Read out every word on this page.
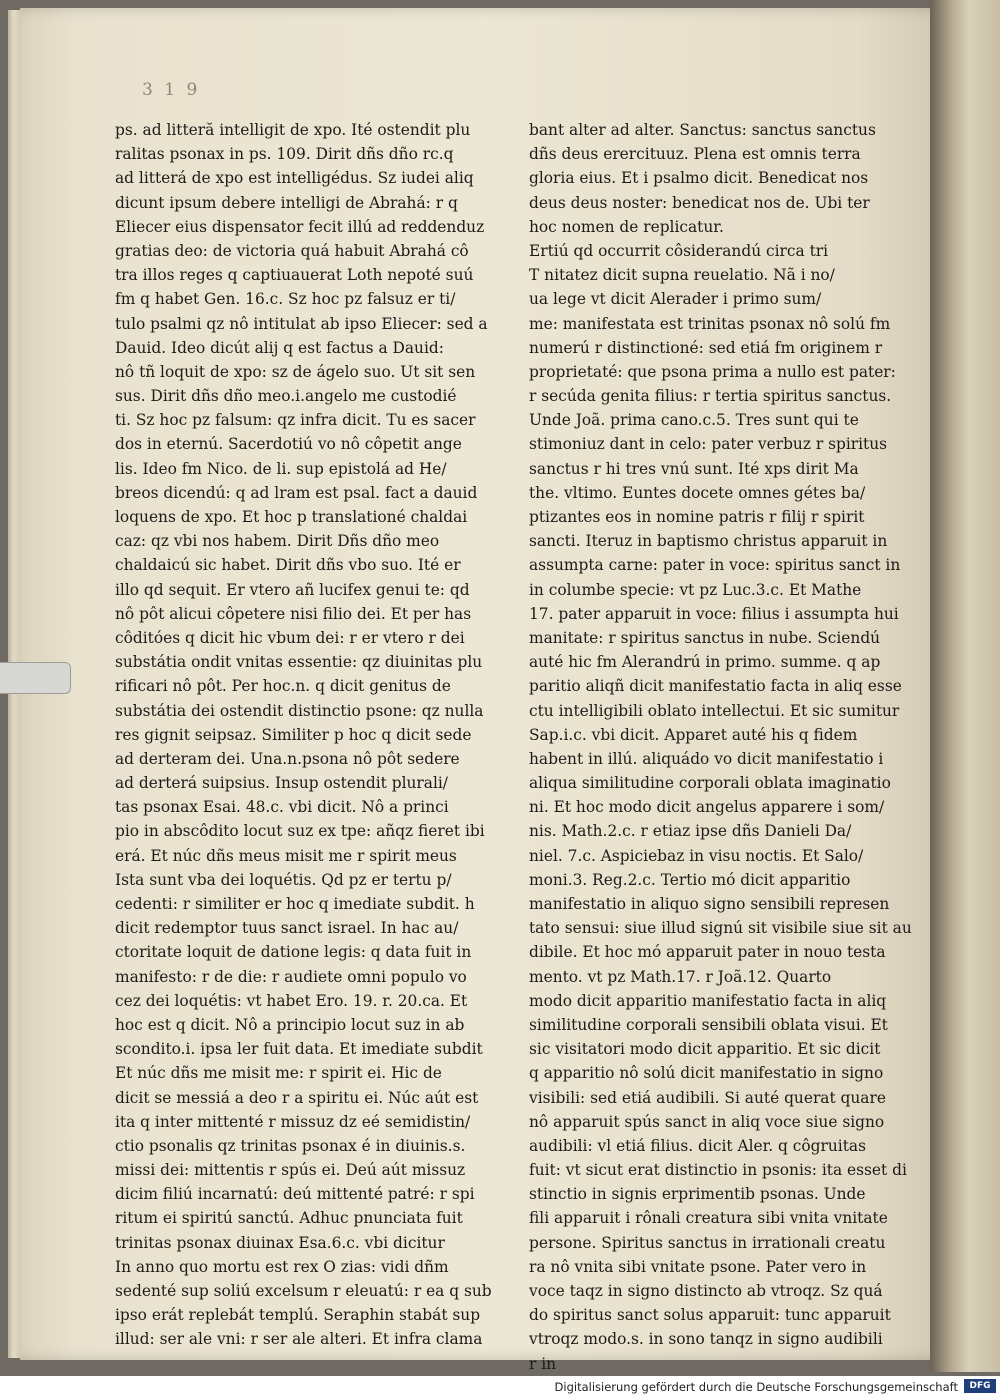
3 1 9
ps. ad litteră intelligit de xpo. Ité ostendit plu
ralitas psonax in ps. 109. Dirit dñs dño rc.q
ad litterá de xpo est intelligédus. Sz iudei aliq
dicunt ipsum debere intelligi de Abrahá: r q
Eliecer eius dispensator fecit illú ad reddenduz
gratias deo: de victoria quá habuit Abrahá cô
tra illos reges q captiuauerat Loth nepoté suú
fm q habet Gen. 16.c. Sz hoc pz falsuz er ti/
tulo psalmi qz nô intitulat ab ipso Eliecer: sed a
Dauid. Ideo dicút alij q est factus a Dauid:
nô tñ loquit de xpo: sz de ágelo suo. Ut sit sen
sus. Dirit dñs dño meo.i.angelo me custodié
ti. Sz hoc pz falsum: qz infra dicit. Tu es sacer
dos in eternú. Sacerdotiú vo nô côpetit ange
lis. Ideo fm Nico. de li. sup epistolá ad He/
breos dicendú: q ad lram est psal. fact a dauid
loquens de xpo. Et hoc p translationé chaldai
caz: qz vbi nos habem. Dirit Dñs dño meo
chaldaicú sic habet. Dirit dñs vbo suo. Ité er
illo qd sequit. Er vtero añ lucifex genui te: qd
nô pôt alicui côpetere nisi filio dei. Et per has
côditóes q dicit hic vbum dei: r er vtero r dei
substátia ondit vnitas essentie: qz diuinitas plu
rificari nô pôt. Per hoc.n. q dicit genitus de
substátia dei ostendit distinctio psone: qz nulla
res gignit seipsaz. Similiter p hoc q dicit sede
ad derteram dei. Una.n.psona nô pôt sedere
ad derterá suipsius. Insup ostendit plurali/
tas psonax Esai. 48.c. vbi dicit. Nô a princi
pio in abscôdito locut suz ex tpe: añqz fieret ibi
erá. Et núc dñs meus misit me r spirit meus
Ista sunt vba dei loquétis. Qd pz er tertu p/
cedenti: r similiter er hoc q imediate subdit. h
dicit redemptor tuus sanct israel. In hac au/
ctoritate loquit de datione legis: q data fuit in
manifesto: r de die: r audiete omni populo vo
cez dei loquétis: vt habet Ero. 19. r. 20.ca. Et
hoc est q dicit. Nô a principio locut suz in ab
scondito.i. ipsa ler fuit data. Et imediate subdit
Et núc dñs me misit me: r spirit ei. Hic de
dicit se messiá a deo r a spiritu ei. Núc aút est
ita q inter mittenté r missuz dz eé semidistin/
ctio psonalis qz trinitas psonax é in diuinis.s.
missi dei: mittentis r spús ei. Deú aút missuz
dicim filiú incarnatú: deú mittenté patré: r spi
ritum ei spiritú sanctú. Adhuc pnunciata fuit
trinitas psonax diuinax Esa.6.c. vbi dicitur
In anno quo mortu est rex O zias: vidi dñm
sedenté sup soliú excelsum r eleuatú: r ea q sub
ipso erát replebát templú. Seraphin stabát sup
illud: ser ale vni: r ser ale alteri. Et infra clama
bant alter ad alter. Sanctus: sanctus sanctus
dñs deus erercituuz. Plena est omnis terra
gloria eius. Et i psalmo dicit. Benedicat nos
deus deus noster: benedicat nos de. Ubi ter
hoc nomen de replicatur.
Ertiú qd occurrit côsiderandú circa tri
T nitatez dicit supna reuelatio. Nã i no/
ua lege vt dicit Alerader i primo sum/
me: manifestata est trinitas psonax nô solú fm
numerú r distinctioné: sed etiá fm originem r
proprietaté: que psona prima a nullo est pater:
r secúda genita filius: r tertia spiritus sanctus.
Unde Joã. prima cano.c.5. Tres sunt qui te
stimoniuz dant in celo: pater verbuz r spiritus
sanctus r hi tres vnú sunt. Ité xps dirit Ma
the. vltimo. Euntes docete omnes gétes ba/
ptizantes eos in nomine patris r filij r spirit
sancti. Iteruz in baptismo christus apparuit in
assumpta carne: pater in voce: spiritus sanct in
in columbe specie: vt pz Luc.3.c. Et Mathe
17. pater apparuit in voce: filius i assumpta hui
manitate: r spiritus sanctus in nube. Sciendú
auté hic fm Alerandrú in primo. summe. q ap
paritio aliqñ dicit manifestatio facta in aliq esse
ctu intelligibili oblato intellectui. Et sic sumitur
Sap.i.c. vbi dicit. Apparet auté his q fidem
habent in illú. aliquádo vo dicit manifestatio i
aliqua similitudine corporali oblata imaginatio
ni. Et hoc modo dicit angelus apparere i som/
nis. Math.2.c. r etiaz ipse dñs Danieli Da/
niel. 7.c. Aspiciebaz in visu noctis. Et Salo/
moni.3. Reg.2.c. Tertio mó dicit apparitio
manifestatio in aliquo signo sensibili represen
tato sensui: siue illud signú sit visibile siue sit au
dibile. Et hoc mó apparuit pater in nouo testa
mento. vt pz Math.17. r Joã.12. Quarto
modo dicit apparitio manifestatio facta in aliq
similitudine corporali sensibili oblata visui. Et
sic visitatori modo dicit apparitio. Et sic dicit
q apparitio nô solú dicit manifestatio in signo
visibili: sed etiá audibili. Si auté querat quare
nô apparuit spús sanct in aliq voce siue signo
audibili: vl etiá filius. dicit Aler. q côgruitas
fuit: vt sicut erat distinctio in psonis: ita esset di
stinctio in signis erprimentib psonas. Unde
fili apparuit i rônali creatura sibi vnita vnitate
persone. Spiritus sanctus in irrationali creatu
ra nô vnita sibi vnitate psone. Pater vero in
voce taqz in signo distincto ab vtroqz. Sz quá
do spiritus sanct solus apparuit: tunc apparuit
vtroqz modo.s. in sono tanqz in signo audibili
r in
Digitalisierung gefördert durch die Deutsche Forschungsgemeinschaft	DFG
